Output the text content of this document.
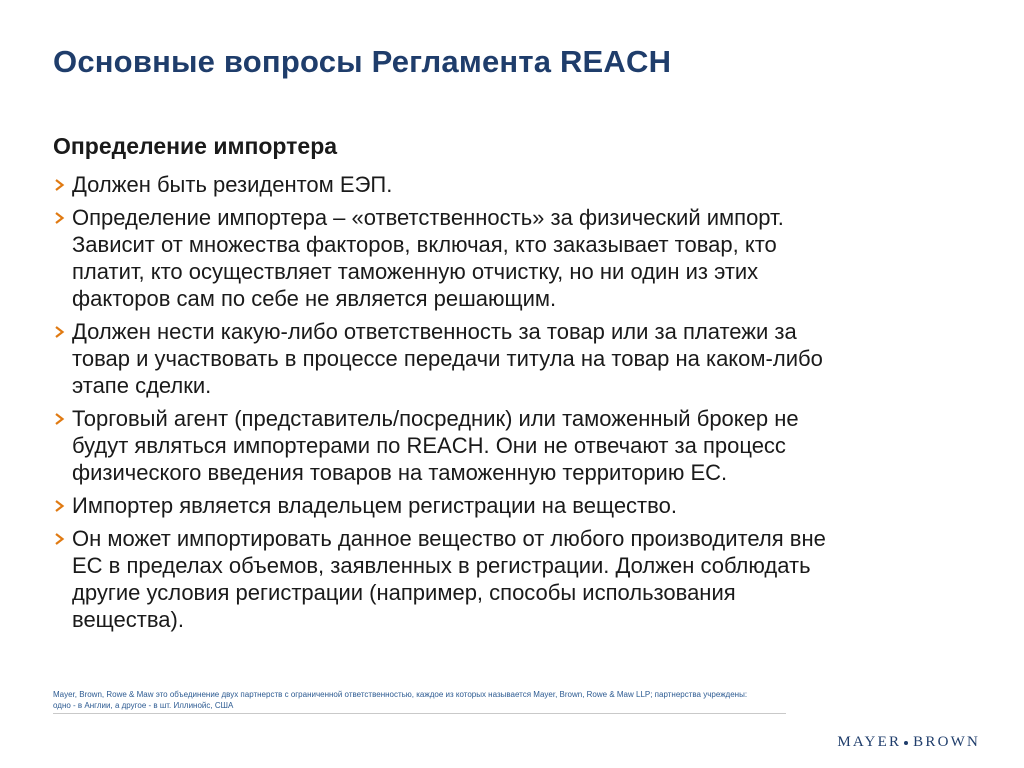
Основные вопросы Регламента REACH
Определение импортера
Должен быть резидентом ЕЭП.
Определение импортера – «ответственность» за физический импорт.
Зависит от множества факторов, включая, кто заказывает товар, кто
платит, кто осуществляет таможенную отчистку, но ни один из этих
факторов сам по себе не является решающим.
Должен нести какую-либо ответственность за товар или за платежи за
товар и участвовать в процессе передачи титула на товар на каком-либо
этапе сделки.
Торговый агент (представитель/посредник) или таможенный брокер не
будут являться импортерами по REACH. Они не отвечают за процесс
физического введения товаров на таможенную территорию ЕС.
Импортер является владельцем регистрации на вещество.
Он может импортировать данное вещество от любого производителя вне
ЕС в пределах объемов, заявленных в регистрации. Должен соблюдать
другие условия регистрации (например, способы использования
вещества).
Mayer, Brown, Rowe & Maw это объединение двух партнерств с ограниченной ответственностью, каждое из которых называется Mayer, Brown, Rowe & Maw LLP; партнерства учреждены:
одно - в Англии, а другое - в шт. Иллинойс, США
MAYER BROWN
